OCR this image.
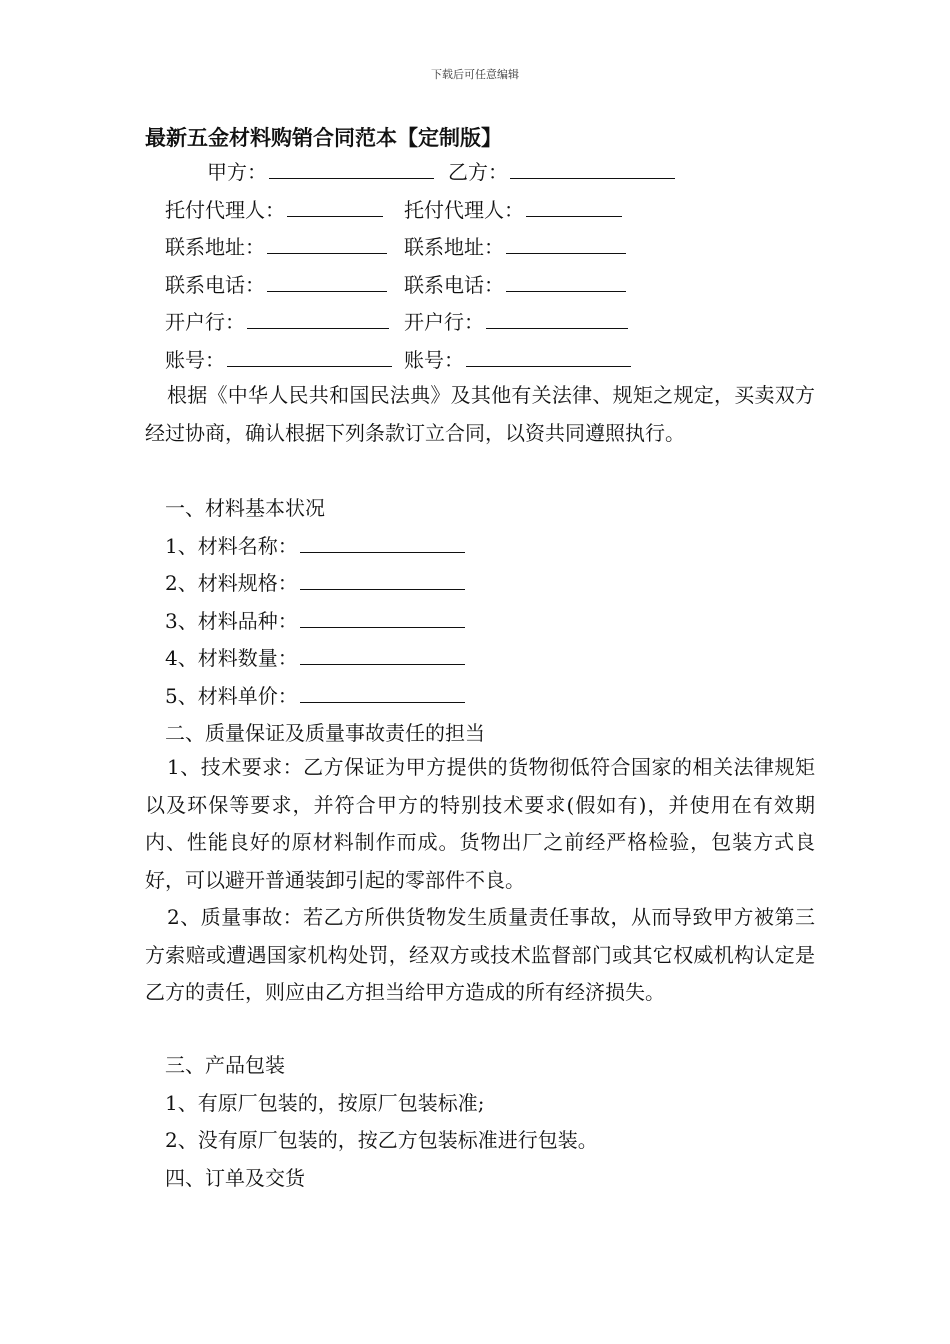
下载后可任意编辑
最新五金材料购销合同范本【定制版】
甲方：	乙方：
托付代理人：	托付代理人：
联系地址：	联系地址：
联系电话：	联系电话：
开户行：	开户行：
账号：	账号：
根据《中华人民共和国民法典》及其他有关法律、规矩之规定，买卖双方经过协商，确认根据下列条款订立合同，以资共同遵照执行。
一、材料基本状况
1、材料名称：
2、材料规格：
3、材料品种：
4、材料数量：
5、材料单价：
二、质量保证及质量事故责任的担当
1、技术要求：乙方保证为甲方提供的货物彻低符合国家的相关法律规矩以及环保等要求，并符合甲方的特别技术要求(假如有)，并使用在有效期内、性能良好的原材料制作而成。货物出厂之前经严格检验，包装方式良好，可以避开普通装卸引起的零部件不良。
2、质量事故：若乙方所供货物发生质量责任事故，从而导致甲方被第三方索赔或遭遇国家机构处罚，经双方或技术监督部门或其它权威机构认定是乙方的责任，则应由乙方担当给甲方造成的所有经济损失。
三、产品包装
1、有原厂包装的，按原厂包装标准;
2、没有原厂包装的，按乙方包装标准进行包装。
四、订单及交货
